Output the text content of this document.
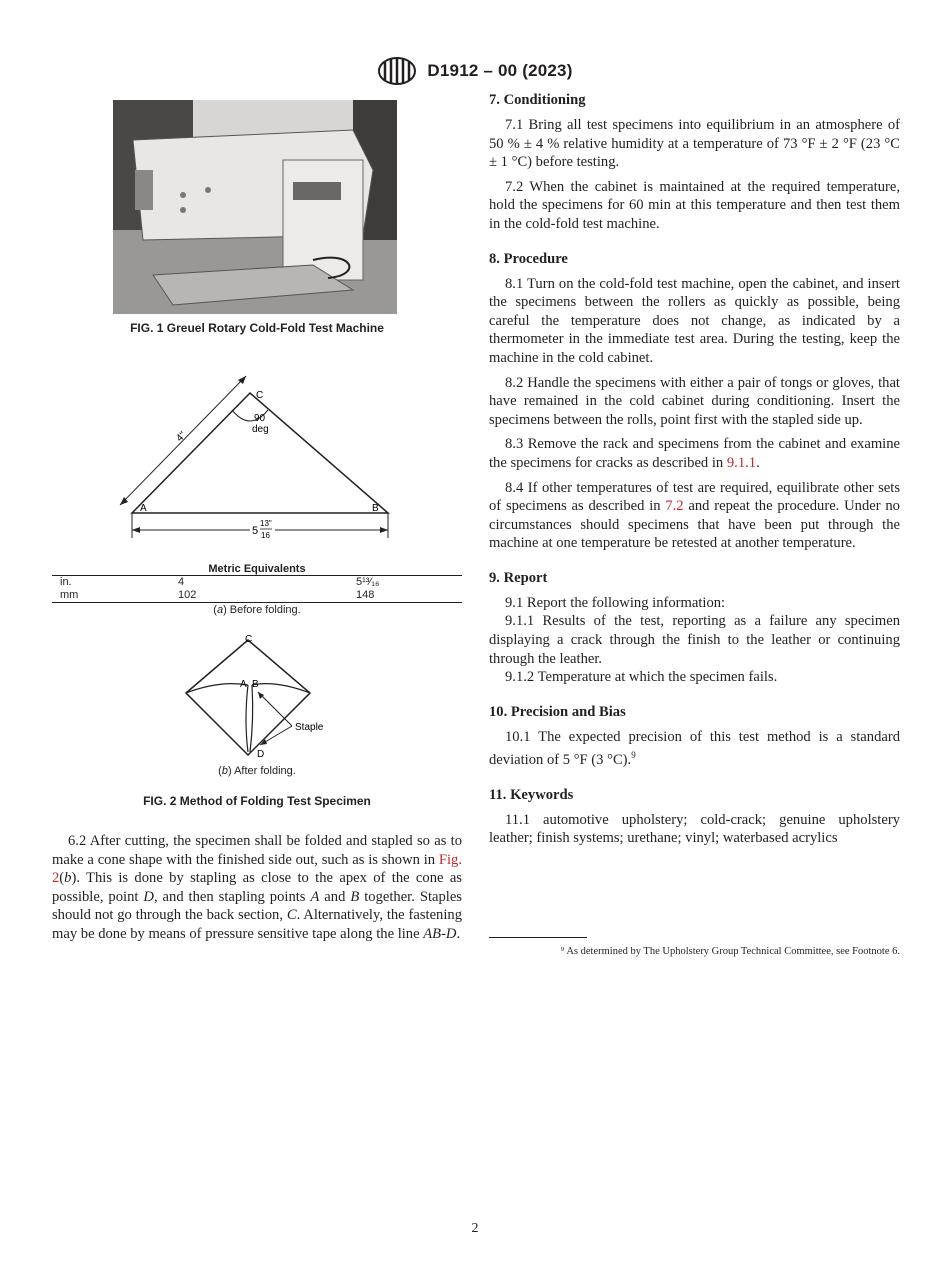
D1912 – 00 (2023)
FIG. 1 Greuel Rotary Cold-Fold Test Machine
C
90
deg
4"
A	B
5
13"
16
Metric Equivalents
in.	4	5¹³⁄₁₆
mm	102	148
(a) Before folding.
C
A B
D
Staple
(b) After folding.
FIG. 2 Method of Folding Test Specimen

6.2 After cutting, the specimen shall be folded and stapled so as to make a cone shape with the finished side out, such as is shown in Fig. 2(b). This is done by stapling as close to the apex of the cone as possible, point D, and then stapling points A and B together. Staples should not go through the back section, C. Alternatively, the fastening may be done by means of pressure sensitive tape along the line AB-D.

7. Conditioning

7.1 Bring all test specimens into equilibrium in an atmosphere of 50 % ± 4 % relative humidity at a temperature of 73 °F ± 2 °F (23 °C ± 1 °C) before testing.

7.2 When the cabinet is maintained at the required temperature, hold the specimens for 60 min at this temperature and then test them in the cold-fold test machine.

8. Procedure

8.1 Turn on the cold-fold test machine, open the cabinet, and insert the specimens between the rollers as quickly as possible, being careful the temperature does not change, as indicated by a thermometer in the immediate test area. During the testing, keep the machine in the cold cabinet.

8.2 Handle the specimens with either a pair of tongs or gloves, that have remained in the cold cabinet during conditioning. Insert the specimens between the rolls, point first with the stapled side up.

8.3 Remove the rack and specimens from the cabinet and examine the specimens for cracks as described in 9.1.1.

8.4 If other temperatures of test are required, equilibrate other sets of specimens as described in 7.2 and repeat the procedure. Under no circumstances should specimens that have been put through the machine at one temperature be retested at another temperature.

9. Report

9.1 Report the following information:

9.1.1 Results of the test, reporting as a failure any specimen displaying a crack through the finish to the leather or continuing through the leather.

9.1.2 Temperature at which the specimen fails.

10. Precision and Bias

10.1 The expected precision of this test method is a standard deviation of 5 °F (3 °C).$^9$

11. Keywords

11.1 automotive upholstery; cold-crack; genuine upholstery leather; finish systems; urethane; vinyl; waterbased acrylics

⁹ As determined by The Upholstery Group Technical Committee, see Footnote 6.
2
